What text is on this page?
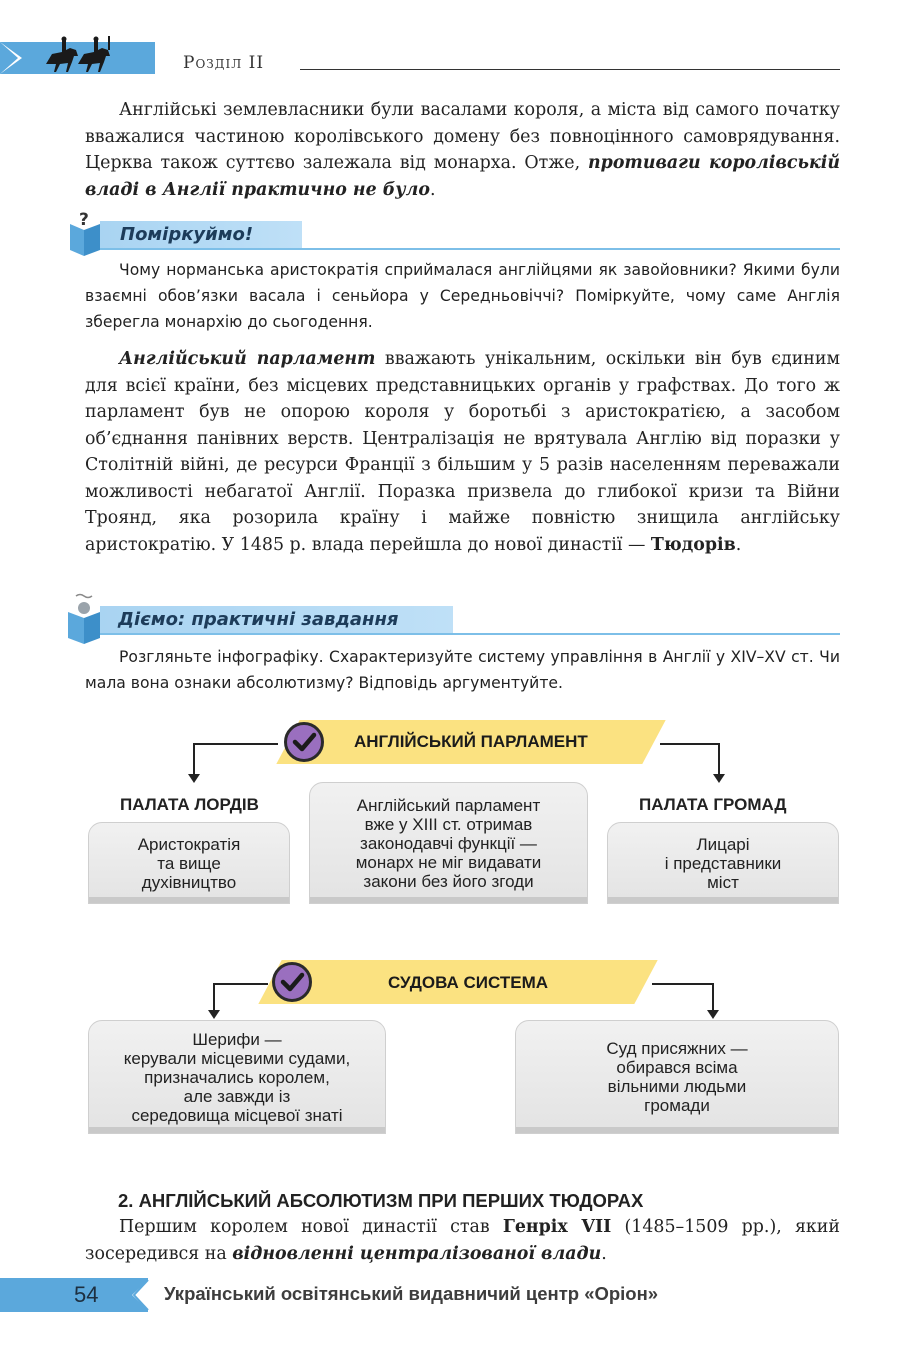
Розділ II
Англійські землевласники були васалами короля, а міста від самого початку вважалися частиною королівського домену без повноцінного самоврядування. Церква також суттєво залежала від монарха. Отже, противаги королівській владі в Англії практично не було.
?
Поміркуймо!
Чому норманська аристократія сприймалася англійцями як завойовники? Якими були взаємні обов’язки васала і сеньйора у Середньовіччі? Поміркуйте, чому саме Англія зберегла монархію до сьогодення.
Англійський парламент вважають унікальним, оскільки він був єдиним для всієї країни, без місцевих представницьких органів у графствах. До того ж парламент був не опорою короля у боротьбі з аристократією, а засобом об’єднання панівних верств. Централізація не врятувала Англію від поразки у Столітній війні, де ресурси Франції з більшим у 5 разів населенням переважали можливості небагатої Англії. Поразка призвела до глибокої кризи та Війни Троянд, яка розорила країну і майже повністю знищила англійську аристократію. У 1485 р. влада перейшла до нової династії — Тюдорів.
Діємо: практичні завдання
Розгляньте інфографіку. Схарактеризуйте систему управління в Англії у XIV–XV ст. Чи мала вона ознаки абсолютизму? Відповідь аргументуйте.
АНГЛІЙСЬКИЙ ПАРЛАМЕНТ
ПАЛАТА ЛОРДІВ
Аристократія
та вище
духівництво
Англійський парламент
вже у XIII ст. отримав
законодавчі функції —
монарх не міг видавати
закони без його згоди
ПАЛАТА ГРОМАД
Лицарі
і представники
міст
СУДОВА СИСТЕМА
Шерифи —
керували місцевими судами,
призначались королем,
але завжди із
середовища місцевої знаті
Суд присяжних —
обирався всіма
вільними людьми
громади
2. АНГЛІЙСЬКИЙ АБСОЛЮТИЗМ ПРИ ПЕРШИХ ТЮДОРАХ
Першим королем нової династії став Генріх VII (1485–1509 рр.), який зосередився на відновленні централізованої влади.
54	Український освітянський видавничий центр «Оріон»
